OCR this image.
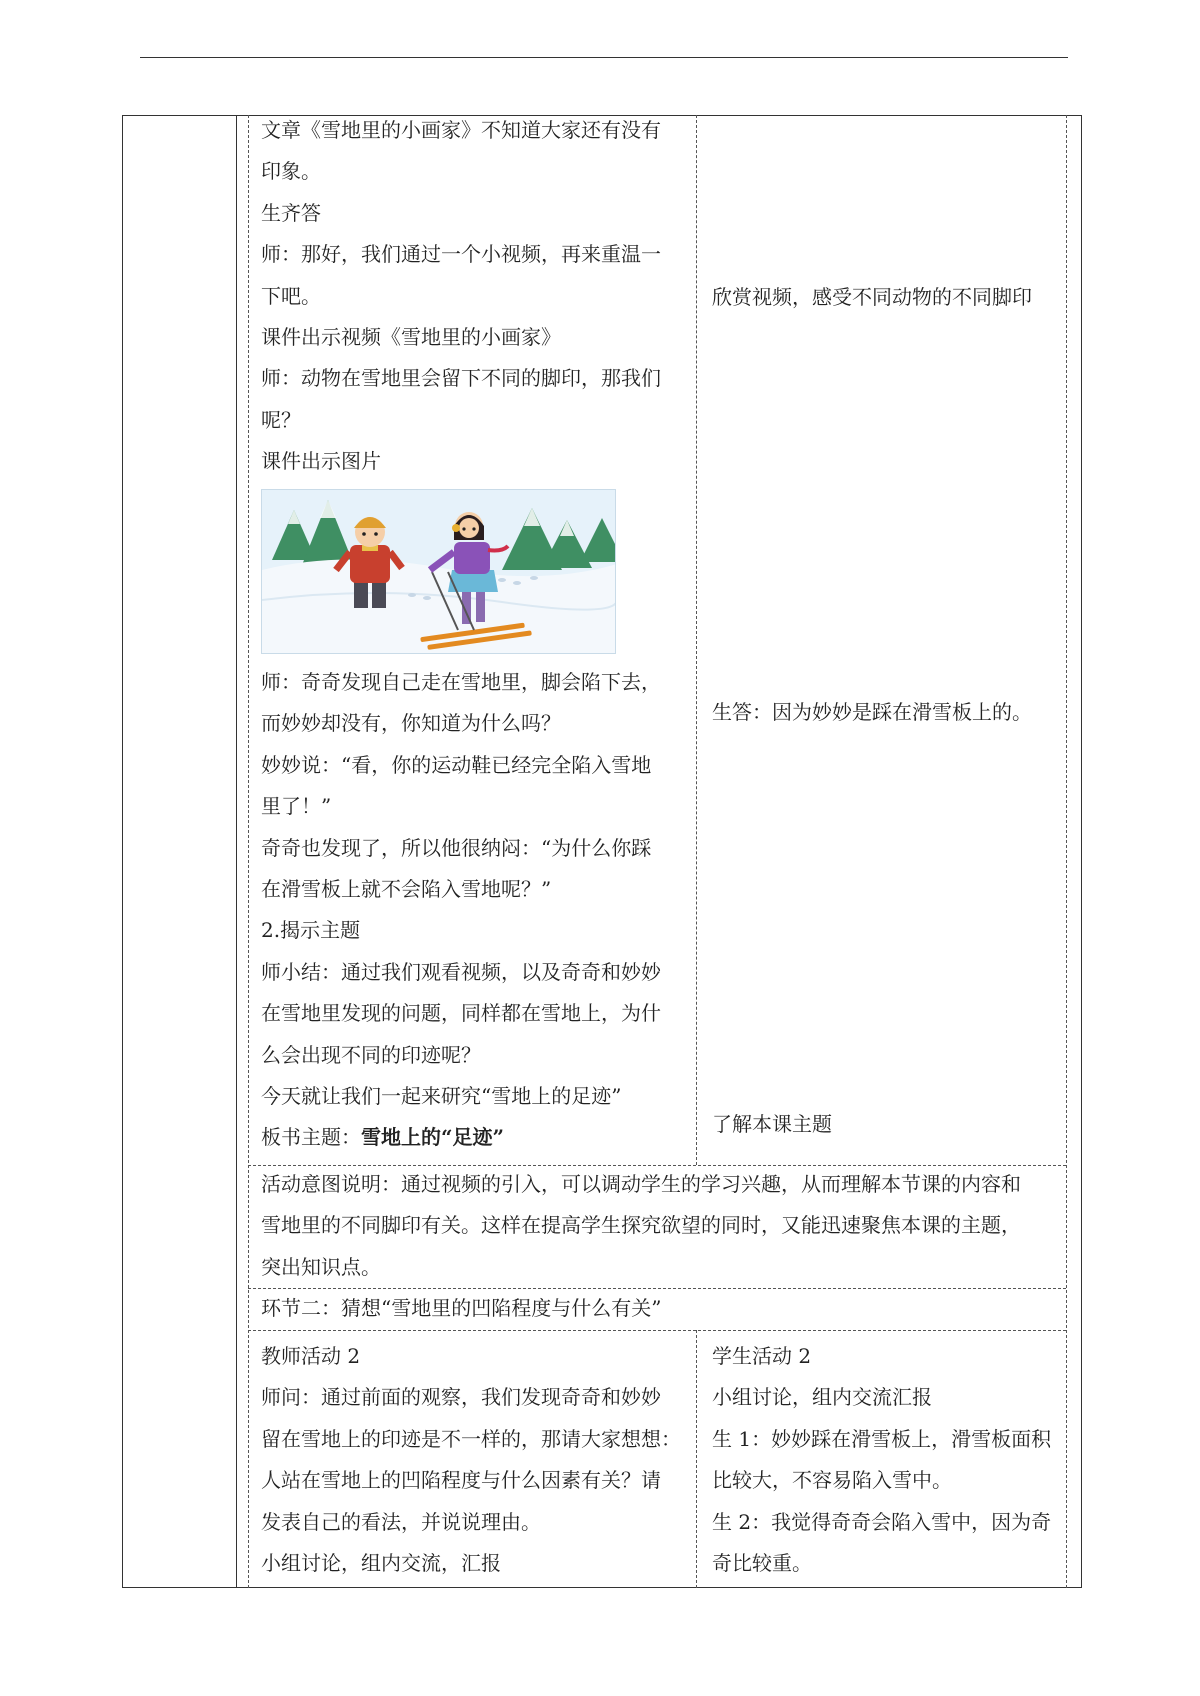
文章《雪地里的小画家》不知道大家还有没有

印象。

生齐答

师：那好，我们通过一个小视频，再来重温一

下吧。

课件出示视频《雪地里的小画家》

师：动物在雪地里会留下不同的脚印，那我们

呢？

课件出示图片

师：奇奇发现自己走在雪地里，脚会陷下去，

而妙妙却没有，你知道为什么吗？

妙妙说：“看，你的运动鞋已经完全陷入雪地

里了！”

奇奇也发现了，所以他很纳闷：“为什么你踩

在滑雪板上就不会陷入雪地呢？”

2.揭示主题

师小结：通过我们观看视频，以及奇奇和妙妙

在雪地里发现的问题，同样都在雪地上，为什

么会出现不同的印迹呢？

今天就让我们一起来研究“雪地上的足迹”

板书主题：雪地上的“足迹”

欣赏视频，感受不同动物的不同脚印
生答：因为妙妙是踩在滑雪板上的。
了解本课主题

活动意图说明：通过视频的引入，可以调动学生的学习兴趣，从而理解本节课的内容和

雪地里的不同脚印有关。这样在提高学生探究欲望的同时，又能迅速聚焦本课的主题，

突出知识点。

环节二：猜想“雪地里的凹陷程度与什么有关”

教师活动 2

师问：通过前面的观察，我们发现奇奇和妙妙

留在雪地上的印迹是不一样的，那请大家想想：

人站在雪地上的凹陷程度与什么因素有关？请

发表自己的看法，并说说理由。

小组讨论，组内交流，汇报

学生活动 2

小组讨论，组内交流汇报

生 1：妙妙踩在滑雪板上，滑雪板面积

比较大，不容易陷入雪中。

生 2：我觉得奇奇会陷入雪中，因为奇

奇比较重。
